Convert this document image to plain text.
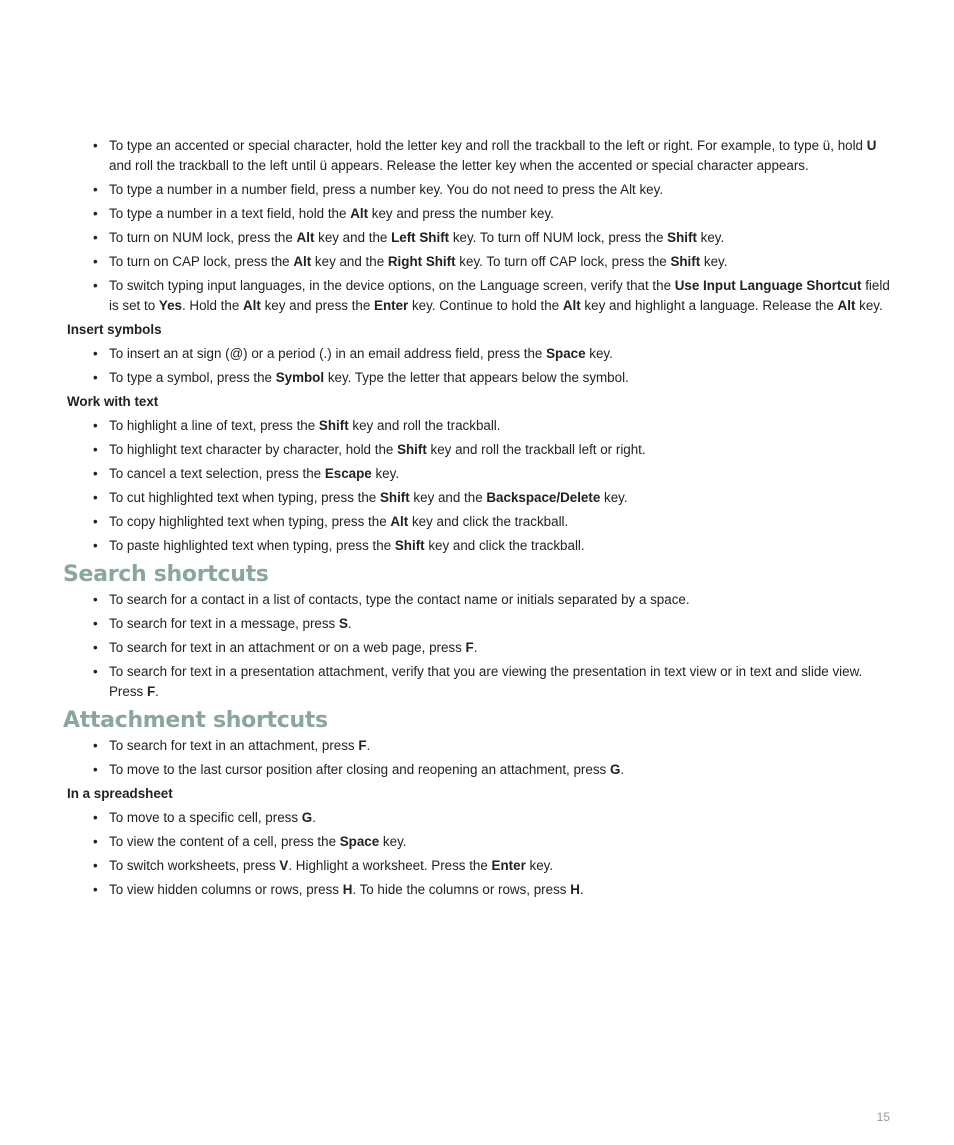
• To type an accented or special character, hold the letter key and roll the trackball to the left or right. For example, to type ü, hold U and roll the trackball to the left until ü appears. Release the letter key when the accented or special character appears.
• To type a number in a number field, press a number key. You do not need to press the Alt key.
• To type a number in a text field, hold the Alt key and press the number key.
• To turn on NUM lock, press the Alt key and the Left Shift key. To turn off NUM lock, press the Shift key.
• To turn on CAP lock, press the Alt key and the Right Shift key. To turn off CAP lock, press the Shift key.
• To switch typing input languages, in the device options, on the Language screen, verify that the Use Input Language Shortcut field is set to Yes. Hold the Alt key and press the Enter key. Continue to hold the Alt key and highlight a language. Release the Alt key.
Insert symbols
• To insert an at sign (@) or a period (.) in an email address field, press the Space key.
• To type a symbol, press the Symbol key. Type the letter that appears below the symbol.
Work with text
• To highlight a line of text, press the Shift key and roll the trackball.
• To highlight text character by character, hold the Shift key and roll the trackball left or right.
• To cancel a text selection, press the Escape key.
• To cut highlighted text when typing, press the Shift key and the Backspace/Delete key.
• To copy highlighted text when typing, press the Alt key and click the trackball.
• To paste highlighted text when typing, press the Shift key and click the trackball.
Search shortcuts
• To search for a contact in a list of contacts, type the contact name or initials separated by a space.
• To search for text in a message, press S.
• To search for text in an attachment or on a web page, press F.
• To search for text in a presentation attachment, verify that you are viewing the presentation in text view or in text and slide view. Press F.
Attachment shortcuts
• To search for text in an attachment, press F.
• To move to the last cursor position after closing and reopening an attachment, press G.
In a spreadsheet
• To move to a specific cell, press G.
• To view the content of a cell, press the Space key.
• To switch worksheets, press V. Highlight a worksheet. Press the Enter key.
• To view hidden columns or rows, press H. To hide the columns or rows, press H.
15
